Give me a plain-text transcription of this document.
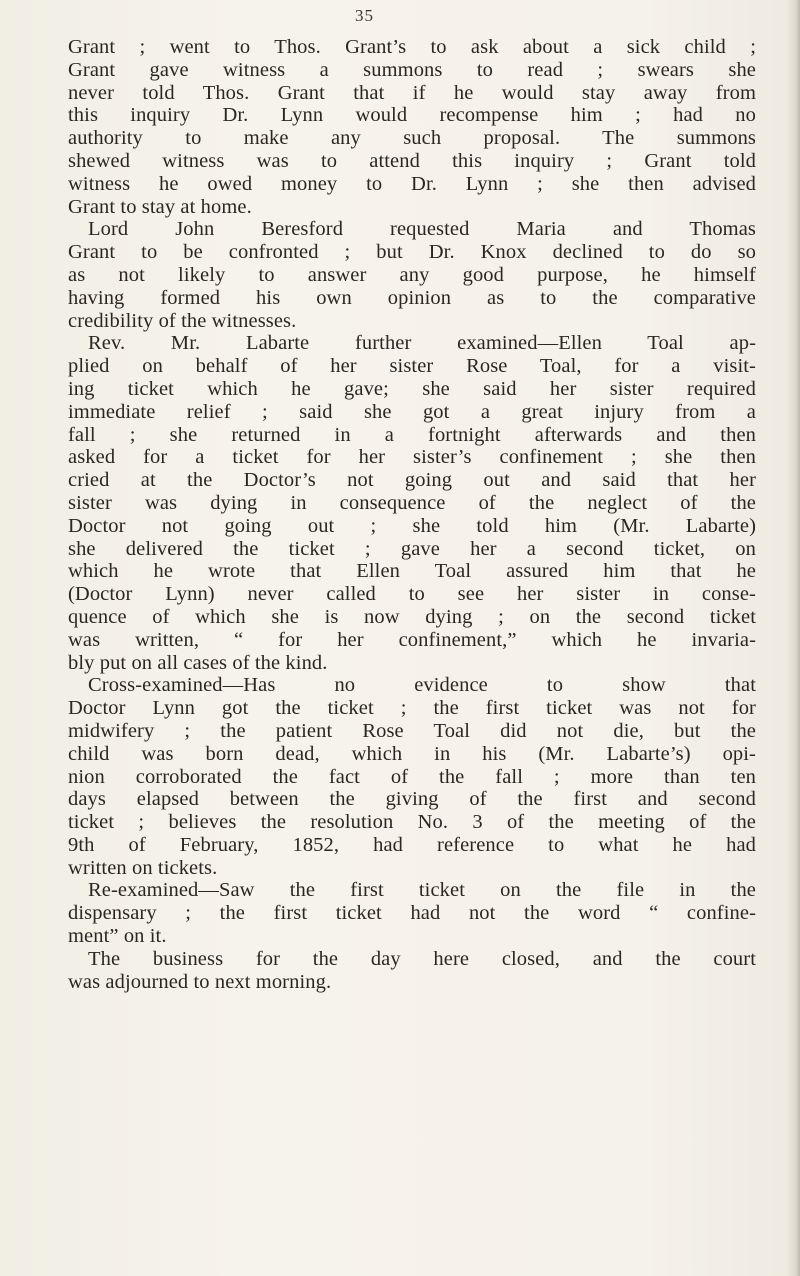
35
Grant ; went to Thos. Grant’s to ask about a sick child ;
Grant gave witness a summons to read ; swears she
never told Thos. Grant that if he would stay away from
this inquiry Dr. Lynn would recompense him ; had no
authority to make any such proposal. The summons
shewed witness was to attend this inquiry ; Grant told
witness he owed money to Dr. Lynn ; she then advised
Grant to stay at home.
Lord John Beresford requested Maria and Thomas
Grant to be confronted ; but Dr. Knox declined to do so
as not likely to answer any good purpose, he himself
having formed his own opinion as to the comparative
credibility of the witnesses.
Rev. Mr. Labarte further examined—Ellen Toal ap-
plied on behalf of her sister Rose Toal, for a visit-
ing ticket which he gave; she said her sister required
immediate relief ; said she got a great injury from a
fall ; she returned in a fortnight afterwards and then
asked for a ticket for her sister’s confinement ; she then
cried at the Doctor’s not going out and said that her
sister was dying in consequence of the neglect of the
Doctor not going out ; she told him (Mr. Labarte)
she delivered the ticket ; gave her a second ticket, on
which he wrote that Ellen Toal assured him that he
(Doctor Lynn) never called to see her sister in conse-
quence of which she is now dying ; on the second ticket
was written, “ for her confinement,” which he invaria-
bly put on all cases of the kind.
Cross-examined—Has no evidence to show that
Doctor Lynn got the ticket ; the first ticket was not for
midwifery ; the patient Rose Toal did not die, but the
child was born dead, which in his (Mr. Labarte’s) opi-
nion corroborated the fact of the fall ; more than ten
days elapsed between the giving of the first and second
ticket ; believes the resolution No. 3 of the meeting of the
9th of February, 1852, had reference to what he had
written on tickets.
Re-examined—Saw the first ticket on the file in the
dispensary ; the first ticket had not the word “ confine-
ment” on it.
The business for the day here closed, and the court
was adjourned to next morning.
